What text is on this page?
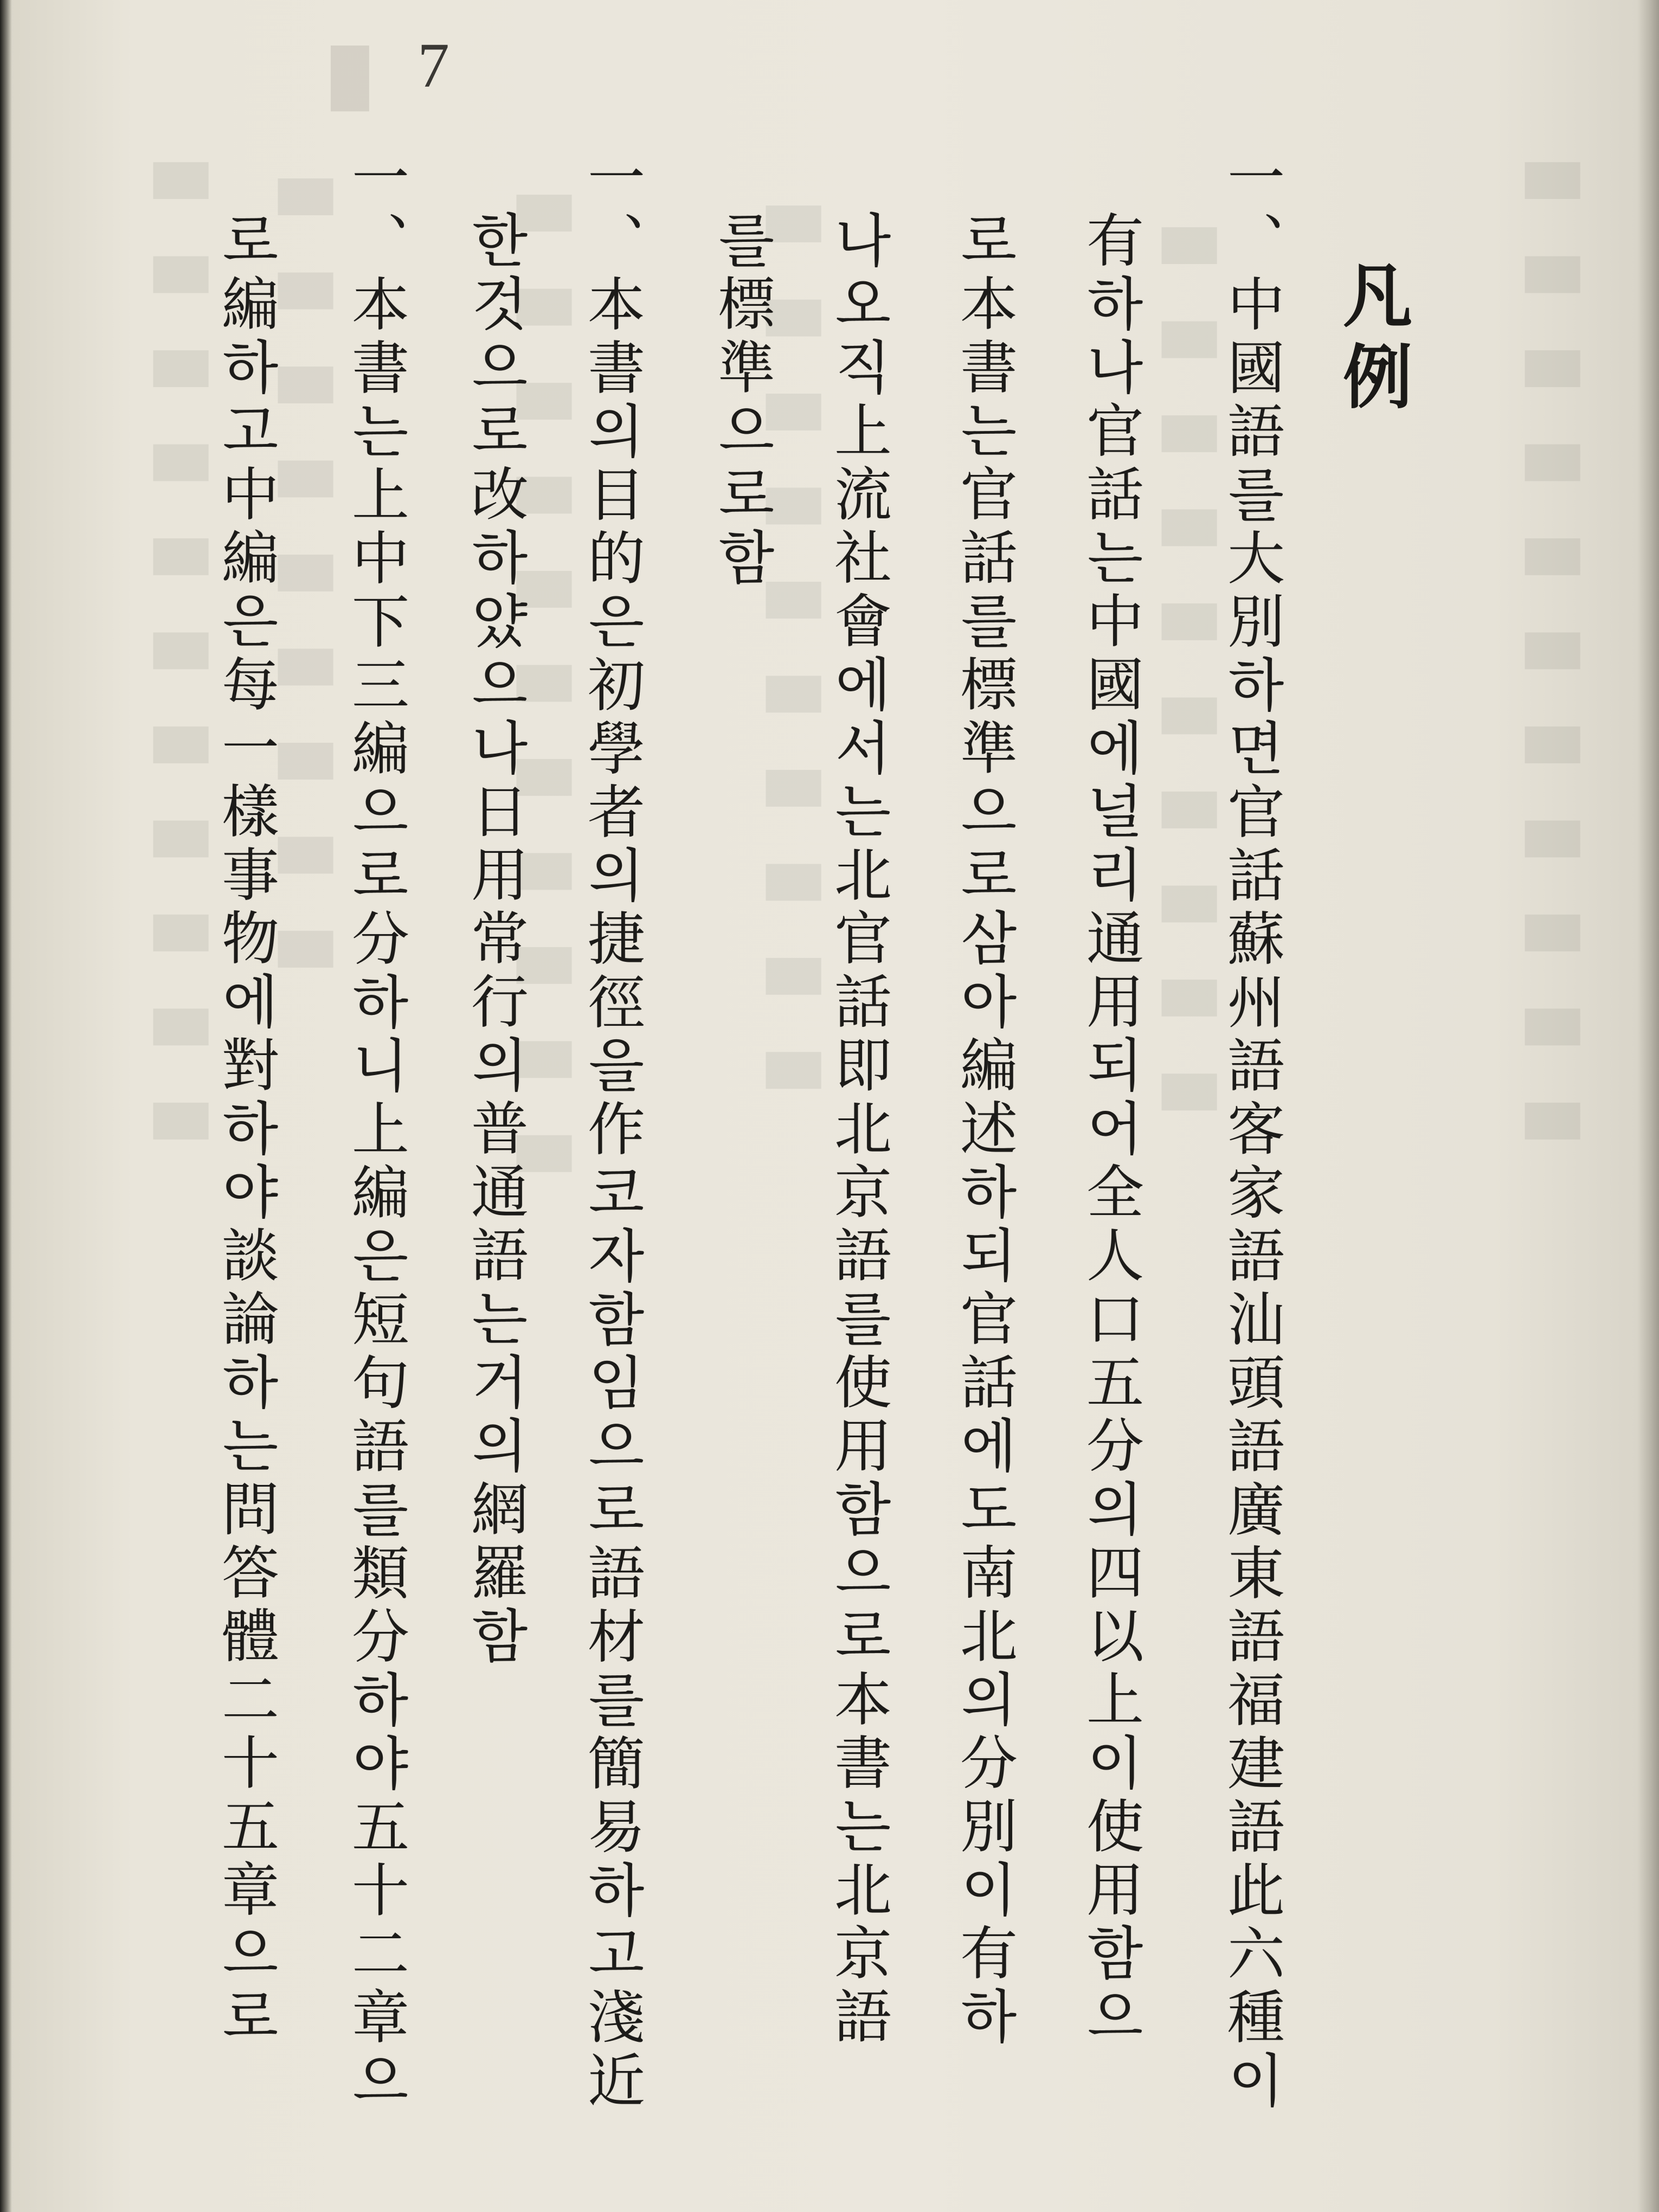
█ █ █ █ █ █ █ █ █ █ █
█ █ █ █ █ █ █ █ █ █
█ █ █ █ █ █ █ █ █ █
█ █ █ █ █ █ █ █ █ █ █
█ █ █ █ █ █ █ █ █
█ █ █ █ █ █ █ █ █ █ █
█ 7
凡例
一、中國語를大別하면官話蘇州語客家語汕頭語廣東語福建語此六種이
有하나官話는中國에널리通用되어全人口五分의四以上이使用함으
로本書는官話를標準으로삼아編述하되官話에도南北의分別이有하
나오직上流社會에서는北官話即北京語를使用함으로本書는北京語
를標準으로함
一、本書의目的은初學者의捷徑을作코자함임으로語材를簡易하고淺近
한것으로改하얐으나日用常行의普通語는거의網羅함
一、本書는上中下三編으로分하니上編은短句語를類分하야五十二章으
로編하고中編은每一樣事物에對하야談論하는問答體二十五章으로
